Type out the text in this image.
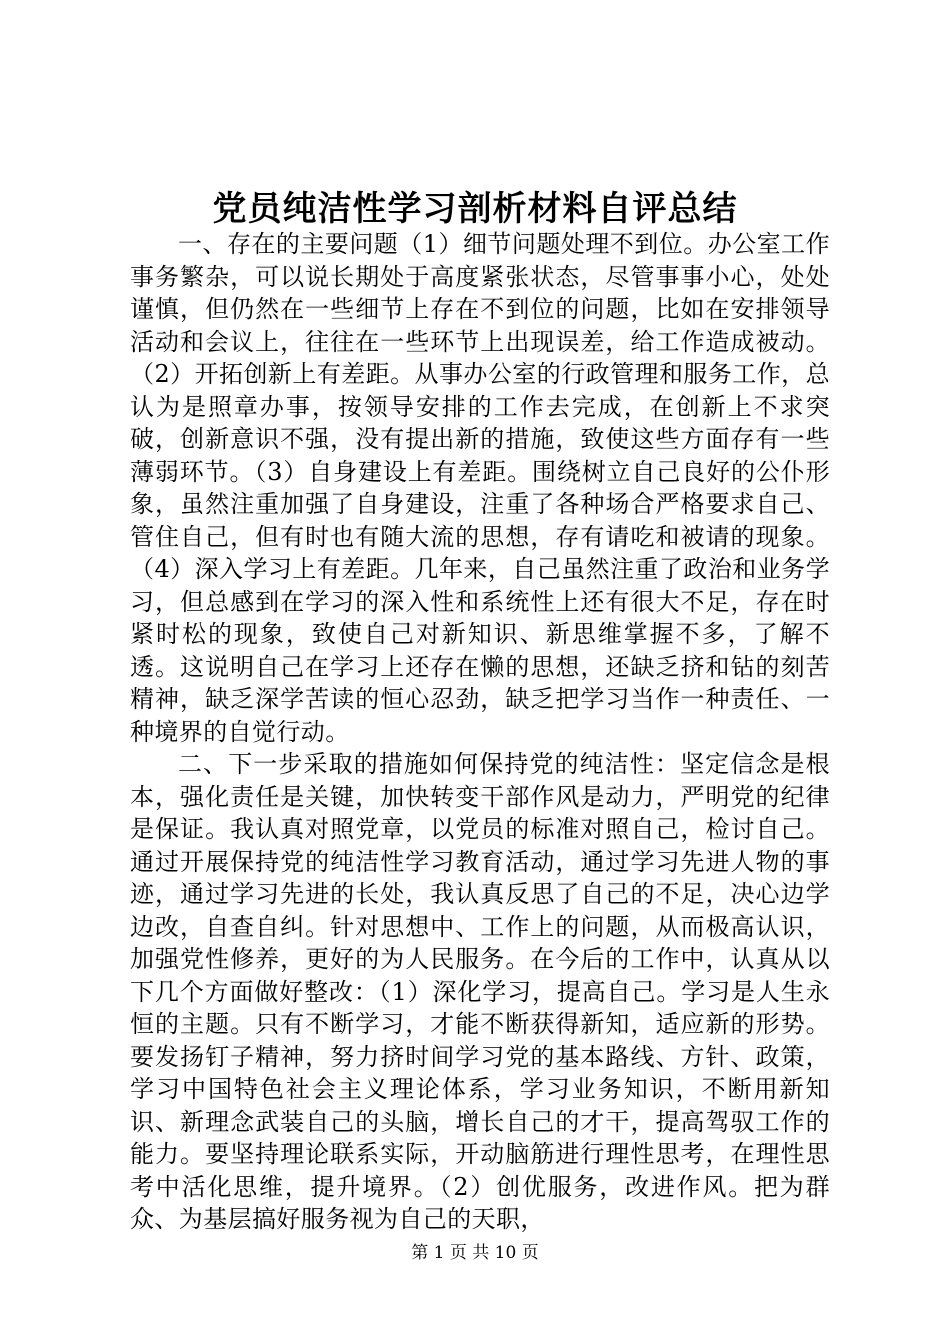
党员纯洁性学习剖析材料自评总结

一、存在的主要问题（1）细节问题处理不到位。办公室工作事务繁杂，可以说长期处于高度紧张状态，尽管事事小心，处处谨慎，但仍然在一些细节上存在不到位的问题，比如在安排领导活动和会议上，往往在一些环节上出现误差，给工作造成被动。（2）开拓创新上有差距。从事办公室的行政管理和服务工作，总认为是照章办事，按领导安排的工作去完成，在创新上不求突破，创新意识不强，没有提出新的措施，致使这些方面存有一些薄弱环节。（3）自身建设上有差距。围绕树立自己良好的公仆形象，虽然注重加强了自身建设，注重了各种场合严格要求自己、管住自己，但有时也有随大流的思想，存有请吃和被请的现象。（4）深入学习上有差距。几年来，自己虽然注重了政治和业务学习，但总感到在学习的深入性和系统性上还有很大不足，存在时紧时松的现象，致使自己对新知识、新思维掌握不多，了解不透。这说明自己在学习上还存在懒的思想，还缺乏挤和钻的刻苦精神，缺乏深学苦读的恒心忍劲，缺乏把学习当作一种责任、一种境界的自觉行动。

二、下一步采取的措施如何保持党的纯洁性：坚定信念是根本，强化责任是关键，加快转变干部作风是动力，严明党的纪律是保证。我认真对照党章，以党员的标准对照自己，检讨自己。通过开展保持党的纯洁性学习教育活动，通过学习先进人物的事迹，通过学习先进的长处，我认真反思了自己的不足，决心边学边改，自查自纠。针对思想中、工作上的问题，从而极高认识，加强党性修养，更好的为人民服务。在今后的工作中，认真从以下几个方面做好整改：（1）深化学习，提高自己。学习是人生永恒的主题。只有不断学习，才能不断获得新知，适应新的形势。要发扬钉子精神，努力挤时间学习党的基本路线、方针、政策，学习中国特色社会主义理论体系，学习业务知识，不断用新知识、新理念武装自己的头脑，增长自己的才干，提高驾驭工作的能力。要坚持理论联系实际，开动脑筋进行理性思考，在理性思考中活化思维，提升境界。（2）创优服务，改进作风。把为群众、为基层搞好服务视为自己的天职，

第 1 页 共 10 页
